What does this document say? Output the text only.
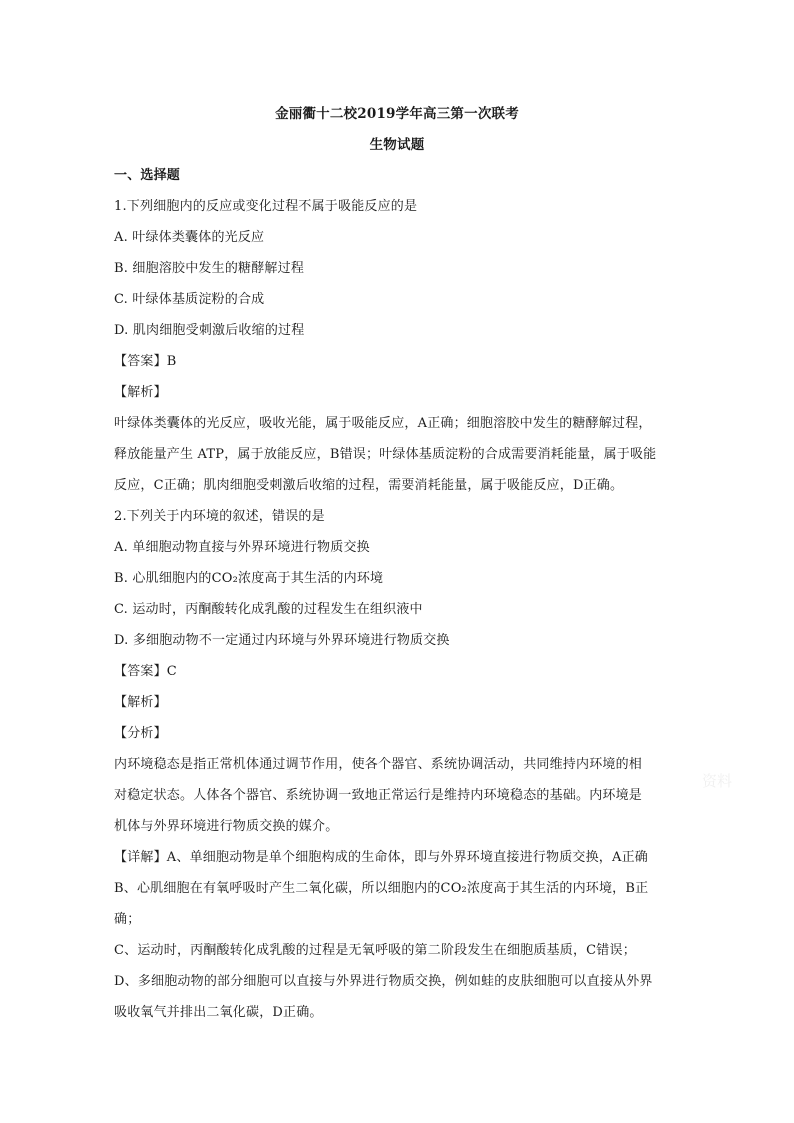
金丽衢十二校2019学年高三第一次联考
生物试题
一、选择题
1.下列细胞内的反应或变化过程不属于吸能反应的是
A. 叶绿体类囊体的光反应
B. 细胞溶胶中发生的糖酵解过程
C. 叶绿体基质淀粉的合成
D. 肌肉细胞受刺激后收缩的过程
【答案】B
【解析】
叶绿体类囊体的光反应，吸收光能，属于吸能反应，A正确；细胞溶胶中发生的糖酵解过程，
释放能量产生 ATP，属于放能反应，B错误；叶绿体基质淀粉的合成需要消耗能量，属于吸能
反应，C正确；肌肉细胞受刺激后收缩的过程，需要消耗能量，属于吸能反应，D正确。
2.下列关于内环境的叙述，错误的是
A. 单细胞动物直接与外界环境进行物质交换
B. 心肌细胞内的CO₂浓度高于其生活的内环境
C. 运动时，丙酮酸转化成乳酸的过程发生在组织液中
D. 多细胞动物不一定通过内环境与外界环境进行物质交换
【答案】C
【解析】
【分析】
内环境稳态是指正常机体通过调节作用，使各个器官、系统协调活动，共同维持内环境的相
对稳定状态。人体各个器官、系统协调一致地正常运行是维持内环境稳态的基础。内环境是
机体与外界环境进行物质交换的媒介。
【详解】A、单细胞动物是单个细胞构成的生命体，即与外界环境直接进行物质交换，A正确
B、心肌细胞在有氧呼吸时产生二氧化碳，所以细胞内的CO₂浓度高于其生活的内环境，B正
确；
C、运动时，丙酮酸转化成乳酸的过程是无氧呼吸的第二阶段发生在细胞质基质，C错误；
D、多细胞动物的部分细胞可以直接与外界进行物质交换，例如蛙的皮肤细胞可以直接从外界
吸收氧气并排出二氧化碳，D正确。
资料
